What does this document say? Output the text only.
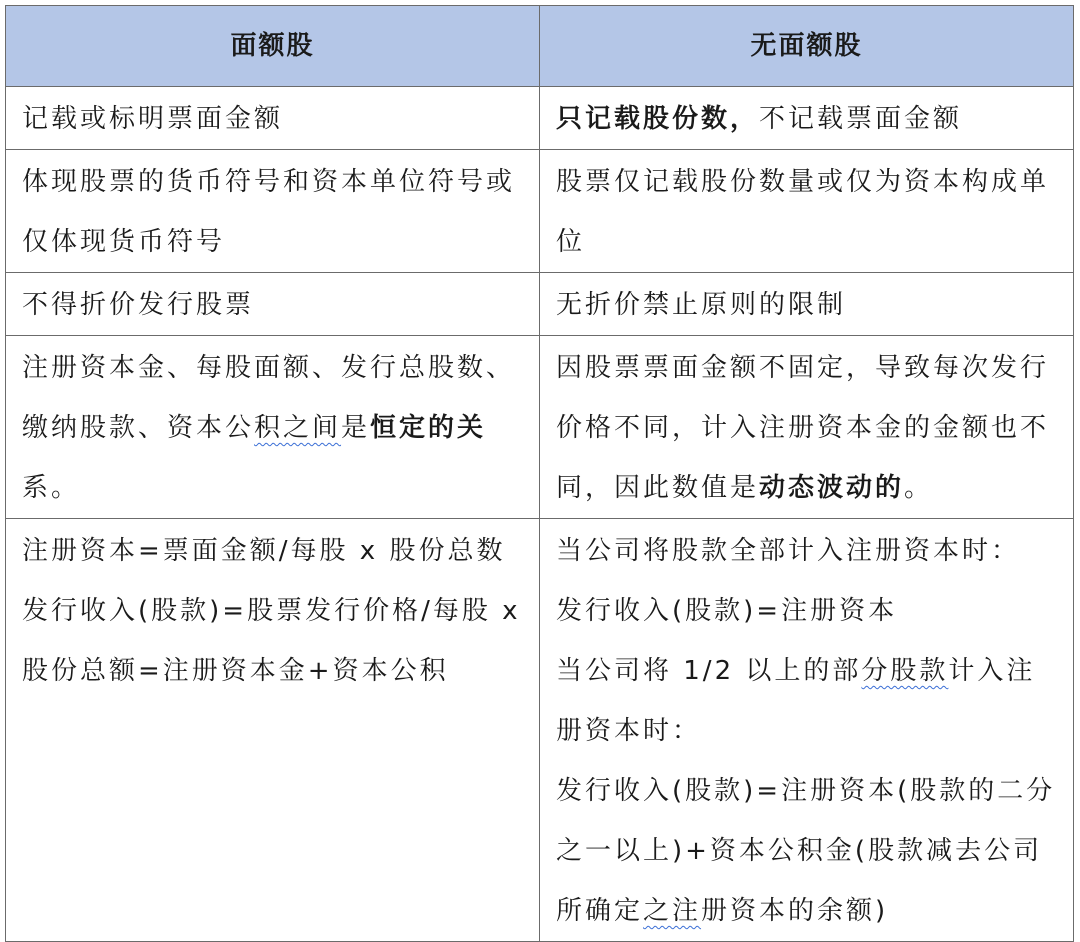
面额股	无面额股
记载或标明票面金额	只记载股份数，不记载票面金额
体现股票的货币符号和资本单位符号或仅体现货币符号	股票仅记载股份数量或仅为资本构成单位
不得折价发行股票	无折价禁止原则的限制
注册资本金、每股面额、发行总股数、缴纳股款、资本公积之间是恒定的关系。	因股票票面金额不固定，导致每次发行价格不同，计入注册资本金的金额也不同，因此数值是动态波动的。
注册资本=票面金额/每股 x 股份总数发行收入(股款)=股票发行价格/每股 x 股份总额=注册资本金+资本公积	当公司将股款全部计入注册资本时：
发行收入(股款)=注册资本
当公司将 1/2 以上的部分股款计入注册资本时：
发行收入(股款)=注册资本(股款的二分之一以上)+资本公积金(股款减去公司所确定之注册资本的余额)
